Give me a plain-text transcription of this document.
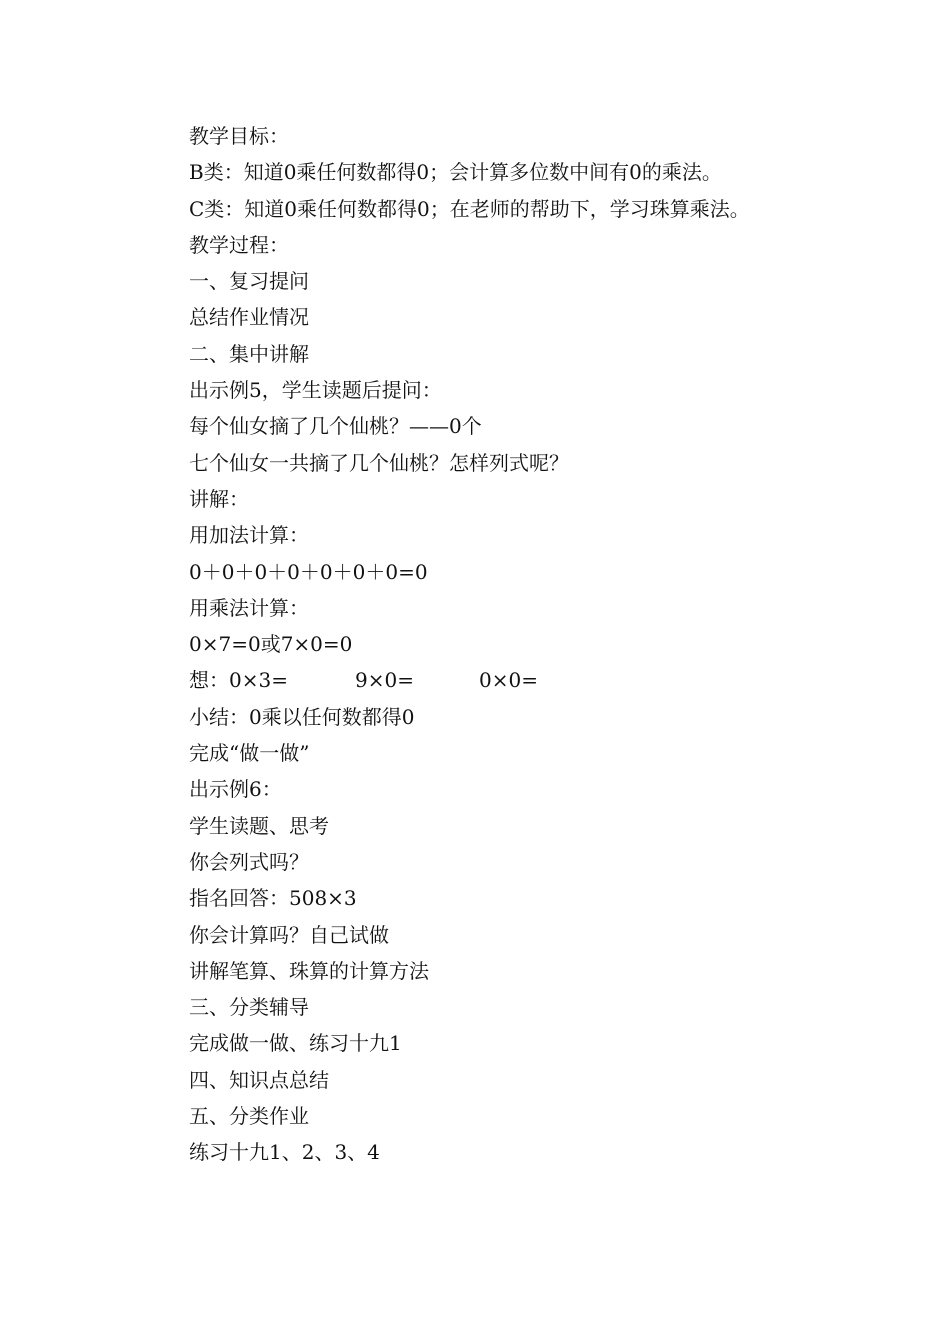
教学目标：
B类：知道0乘任何数都得0；会计算多位数中间有0的乘法。
C类：知道0乘任何数都得0；在老师的帮助下，学习珠算乘法。
教学过程：
一、复习提问
总结作业情况
二、集中讲解
出示例5，学生读题后提问：
每个仙女摘了几个仙桃？——0个
七个仙女一共摘了几个仙桃？怎样列式呢？
讲解：
用加法计算：
0＋0＋0＋0＋0＋0＋0=0
用乘法计算：
0×7=0或7×0=0
想：0×3=	9×0=	0×0=
小结：0乘以任何数都得0
完成“做一做”
出示例6：
学生读题、思考
你会列式吗？
指名回答：508×3
你会计算吗？自己试做
讲解笔算、珠算的计算方法
三、分类辅导
完成做一做、练习十九1
四、知识点总结
五、分类作业
练习十九1、2、3、4
